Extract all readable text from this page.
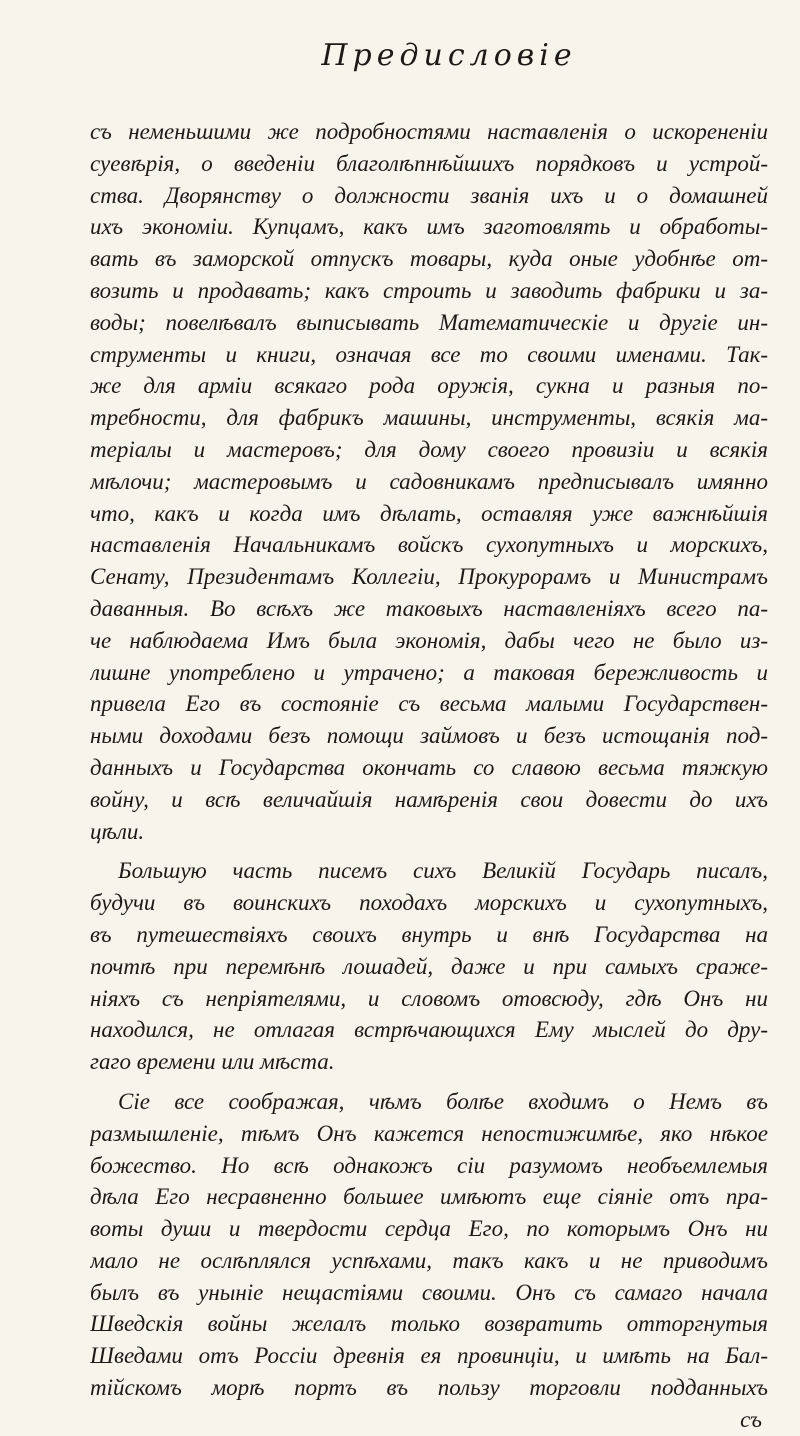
Предисловіе
съ неменьшими же подробностями наставленія о искорененіи
суевѣрія, о введеніи благолѣпнѣйшихъ порядковъ и устрой-
ства. Дворянству о должности званія ихъ и о домашней
ихъ экономіи. Купцамъ, какъ имъ заготовлять и обработы-
вать въ заморской отпускъ товары, куда оные удобнѣе от-
возить и продавать; какъ строить и заводить фабрики и за-
воды; повелѣвалъ выписывать Математическіе и другіе ин-
струменты и книги, означая все то своими именами. Так-
же для арміи всякаго рода оружія, сукна и разныя по-
требности, для фабрикъ машины, инструменты, всякія ма-
теріалы и мастеровъ; для дому своего провизіи и всякія
мѣлочи; мастеровымъ и садовникамъ предписывалъ имянно
что, какъ и когда имъ дѣлать, оставляя уже важнѣйшія
наставленія Начальникамъ войскъ сухопутныхъ и морскихъ,
Сенату, Президентамъ Коллегіи, Прокурорамъ и Министрамъ
даванныя. Во всѣхъ же таковыхъ наставленіяхъ всего па-
че наблюдаема Имъ была экономія, дабы чего не было из-
лишне употреблено и утрачено; а таковая бережливость и
привела Его въ состояніе съ весьма малыми Государствен-
ными доходами безъ помощи займовъ и безъ истощанія под-
данныхъ и Государства окончать со славою весьма тяжкую
войну, и всѣ величайшія намѣренія свои довести до ихъ
цѣли.
Большую часть писемъ сихъ Великій Государь писалъ,
будучи въ воинскихъ походахъ морскихъ и сухопутныхъ,
въ путешествіяхъ своихъ внутрь и внѣ Государства на
почтѣ при перемѣнѣ лошадей, даже и при самыхъ сраже-
ніяхъ съ непріятелями, и словомъ отовсюду, гдѣ Онъ ни
находился, не отлагая встрѣчающихся Ему мыслей до дру-
гаго времени или мѣста.
Сіе все соображая, чѣмъ болѣе входимъ о Немъ въ
размышленіе, тѣмъ Онъ кажется непостижимѣе, яко нѣкое
божество. Но всѣ однакожъ сіи разумомъ необъемлемыя
дѣла Его несравненно большее имѣютъ еще сіяніе отъ пра-
воты души и твердости сердца Его, по которымъ Онъ ни
мало не ослѣплялся успѣхами, такъ какъ и не приводимъ
былъ въ уныніе нещастіями своими. Онъ съ самаго начала
Шведскія войны желалъ только возвратить отторгнутыя
Шведами отъ Россіи древнія ея провинціи, и имѣть на Бал-
тійскомъ морѣ портъ въ пользу торговли подданныхъ
съ
